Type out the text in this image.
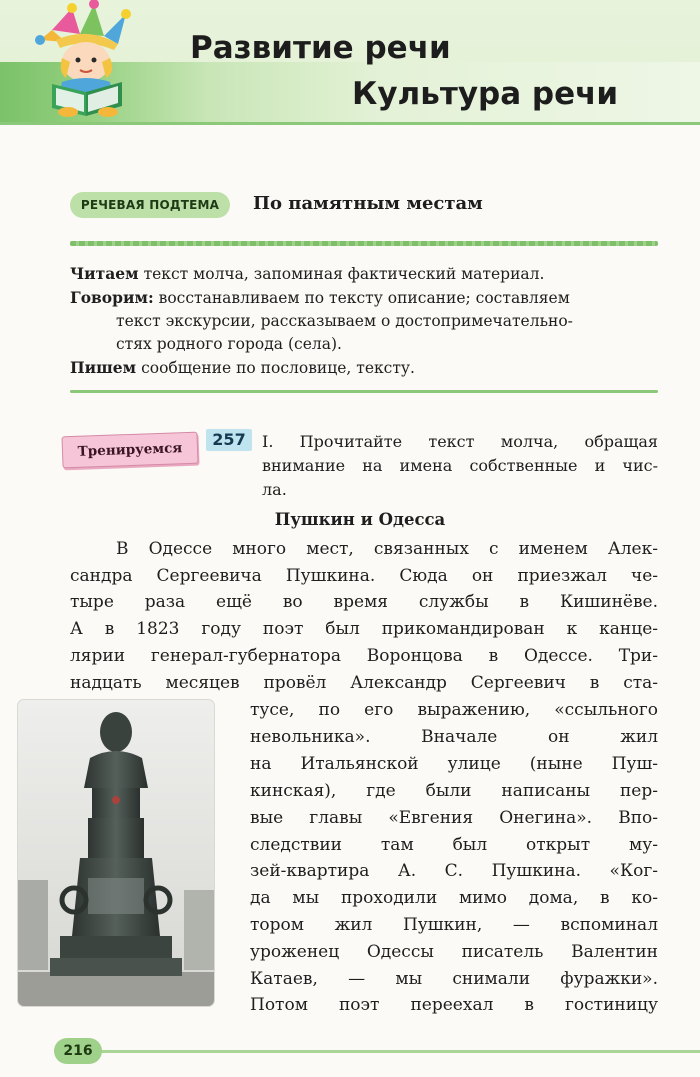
Развитие речи
Культура речи
РЕЧЕВАЯ ПОДТЕМА	По памятным местам

Читаем текст молча, запоминая фактический материал.

Говорим: восстанавливаем по тексту описание; составляем

текст экскурсии, рассказываем о достопримечательно-

стях родного города (села).

Пишем сообщение по пословице, тексту.

Тренируемся
257	I. Прочитайте текст молча, обращая
внимание на имена собственные и чис-
ла.
Пушкин и Одесса

В Одессе много мест, связанных с именем Алек-

сандра Сергеевича Пушкина. Сюда он приезжал че-

тыре раза ещё во время службы в Кишинёве.

А в 1823 году поэт был прикомандирован к канце-

лярии генерал-губернатора Воронцова в Одессе. Три-

надцать месяцев провёл Александр Сергеевич в ста-

тусе, по его выражению, «ссыльного

невольника». Вначале он жил

на Итальянской улице (ныне Пуш-

кинская), где были написаны пер-

вые главы «Евгения Онегина». Впо-

следствии там был открыт му-

зей-квартира А. С. Пушкина. «Ког-

да мы проходили мимо дома, в ко-

тором жил Пушкин, — вспоминал

уроженец Одессы писатель Валентин

Катаев, — мы снимали фуражки».

Потом поэт переехал в гостиницу

216
